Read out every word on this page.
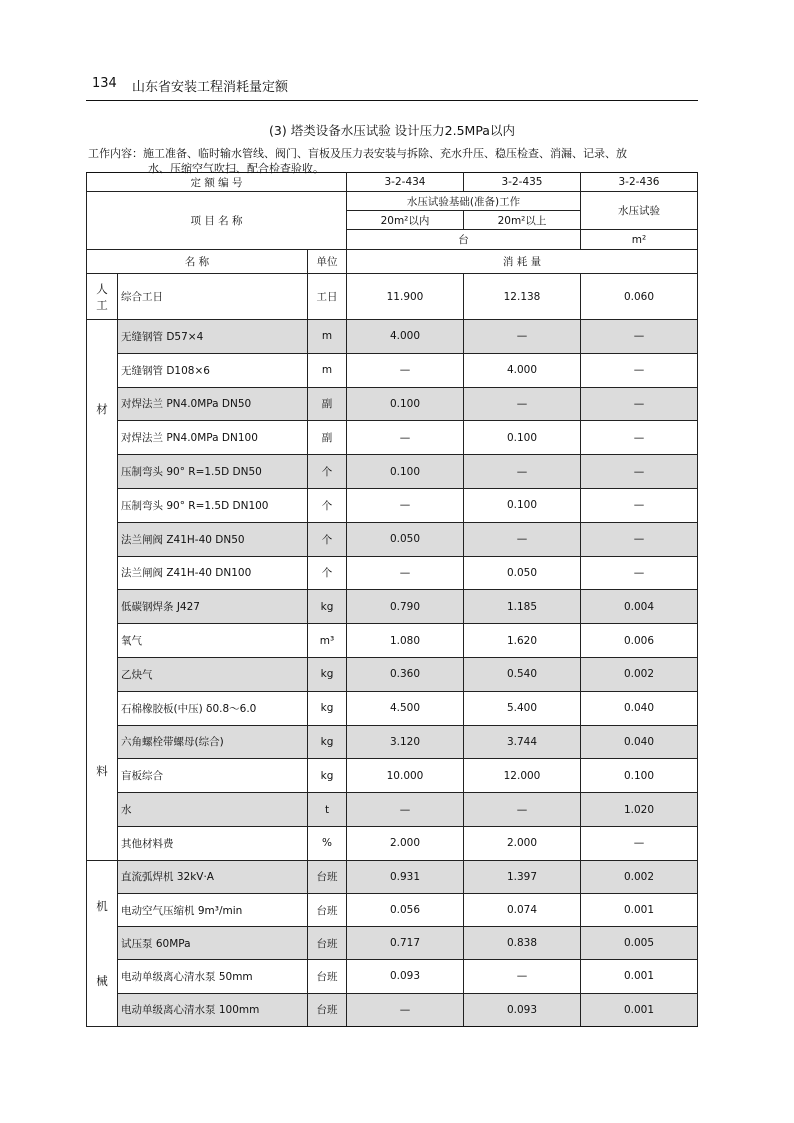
134 山东省安装工程消耗量定额
(3) 塔类设备水压试验 设计压力2.5MPa以内
工作内容：施工准备、临时输水管线、阀门、盲板及压力表安装与拆除、充水升压、稳压检查、消漏、记录、放
水、压缩空气吹扫、配合检查验收。
定 额 编 号			3-2-434	3-2-435	3-2-436
项 目 名 称			水压试验基础(准备)工作		水压试验
			20m²以内	20m²以上	
			台		m²
名 称		单位	消 耗 量		

人
工	综合工日	工日	11.900	12.138	0.060

材
料	无缝钢管 D57×4	m	4.000	—	—
	无缝钢管 D108×6	m	—	4.000	—
	对焊法兰 PN4.0MPa DN50	副	0.100	—	—
	对焊法兰 PN4.0MPa DN100	副	—	0.100	—
	压制弯头 90° R=1.5D DN50	个	0.100	—	—
	压制弯头 90° R=1.5D DN100	个	—	0.100	—
	法兰闸阀 Z41H-40 DN50	个	0.050	—	—
	法兰闸阀 Z41H-40 DN100	个	—	0.050	—
	低碳钢焊条 J427	kg	0.790	1.185	0.004
	氧气	m³	1.080	1.620	0.006
	乙炔气	kg	0.360	0.540	0.002
	石棉橡胶板(中压) δ0.8～6.0	kg	4.500	5.400	0.040
	六角螺栓带螺母(综合)	kg	3.120	3.744	0.040
	盲板综合	kg	10.000	12.000	0.100
	水	t	—	—	1.020
	其他材料费	%	2.000	2.000	—

机
械	直流弧焊机 32kV·A	台班	0.931	1.397	0.002
	电动空气压缩机 9m³/min	台班	0.056	0.074	0.001
	试压泵 60MPa	台班	0.717	0.838	0.005
	电动单级离心清水泵 50mm	台班	0.093	—	0.001
	电动单级离心清水泵 100mm	台班	—	0.093	0.001
